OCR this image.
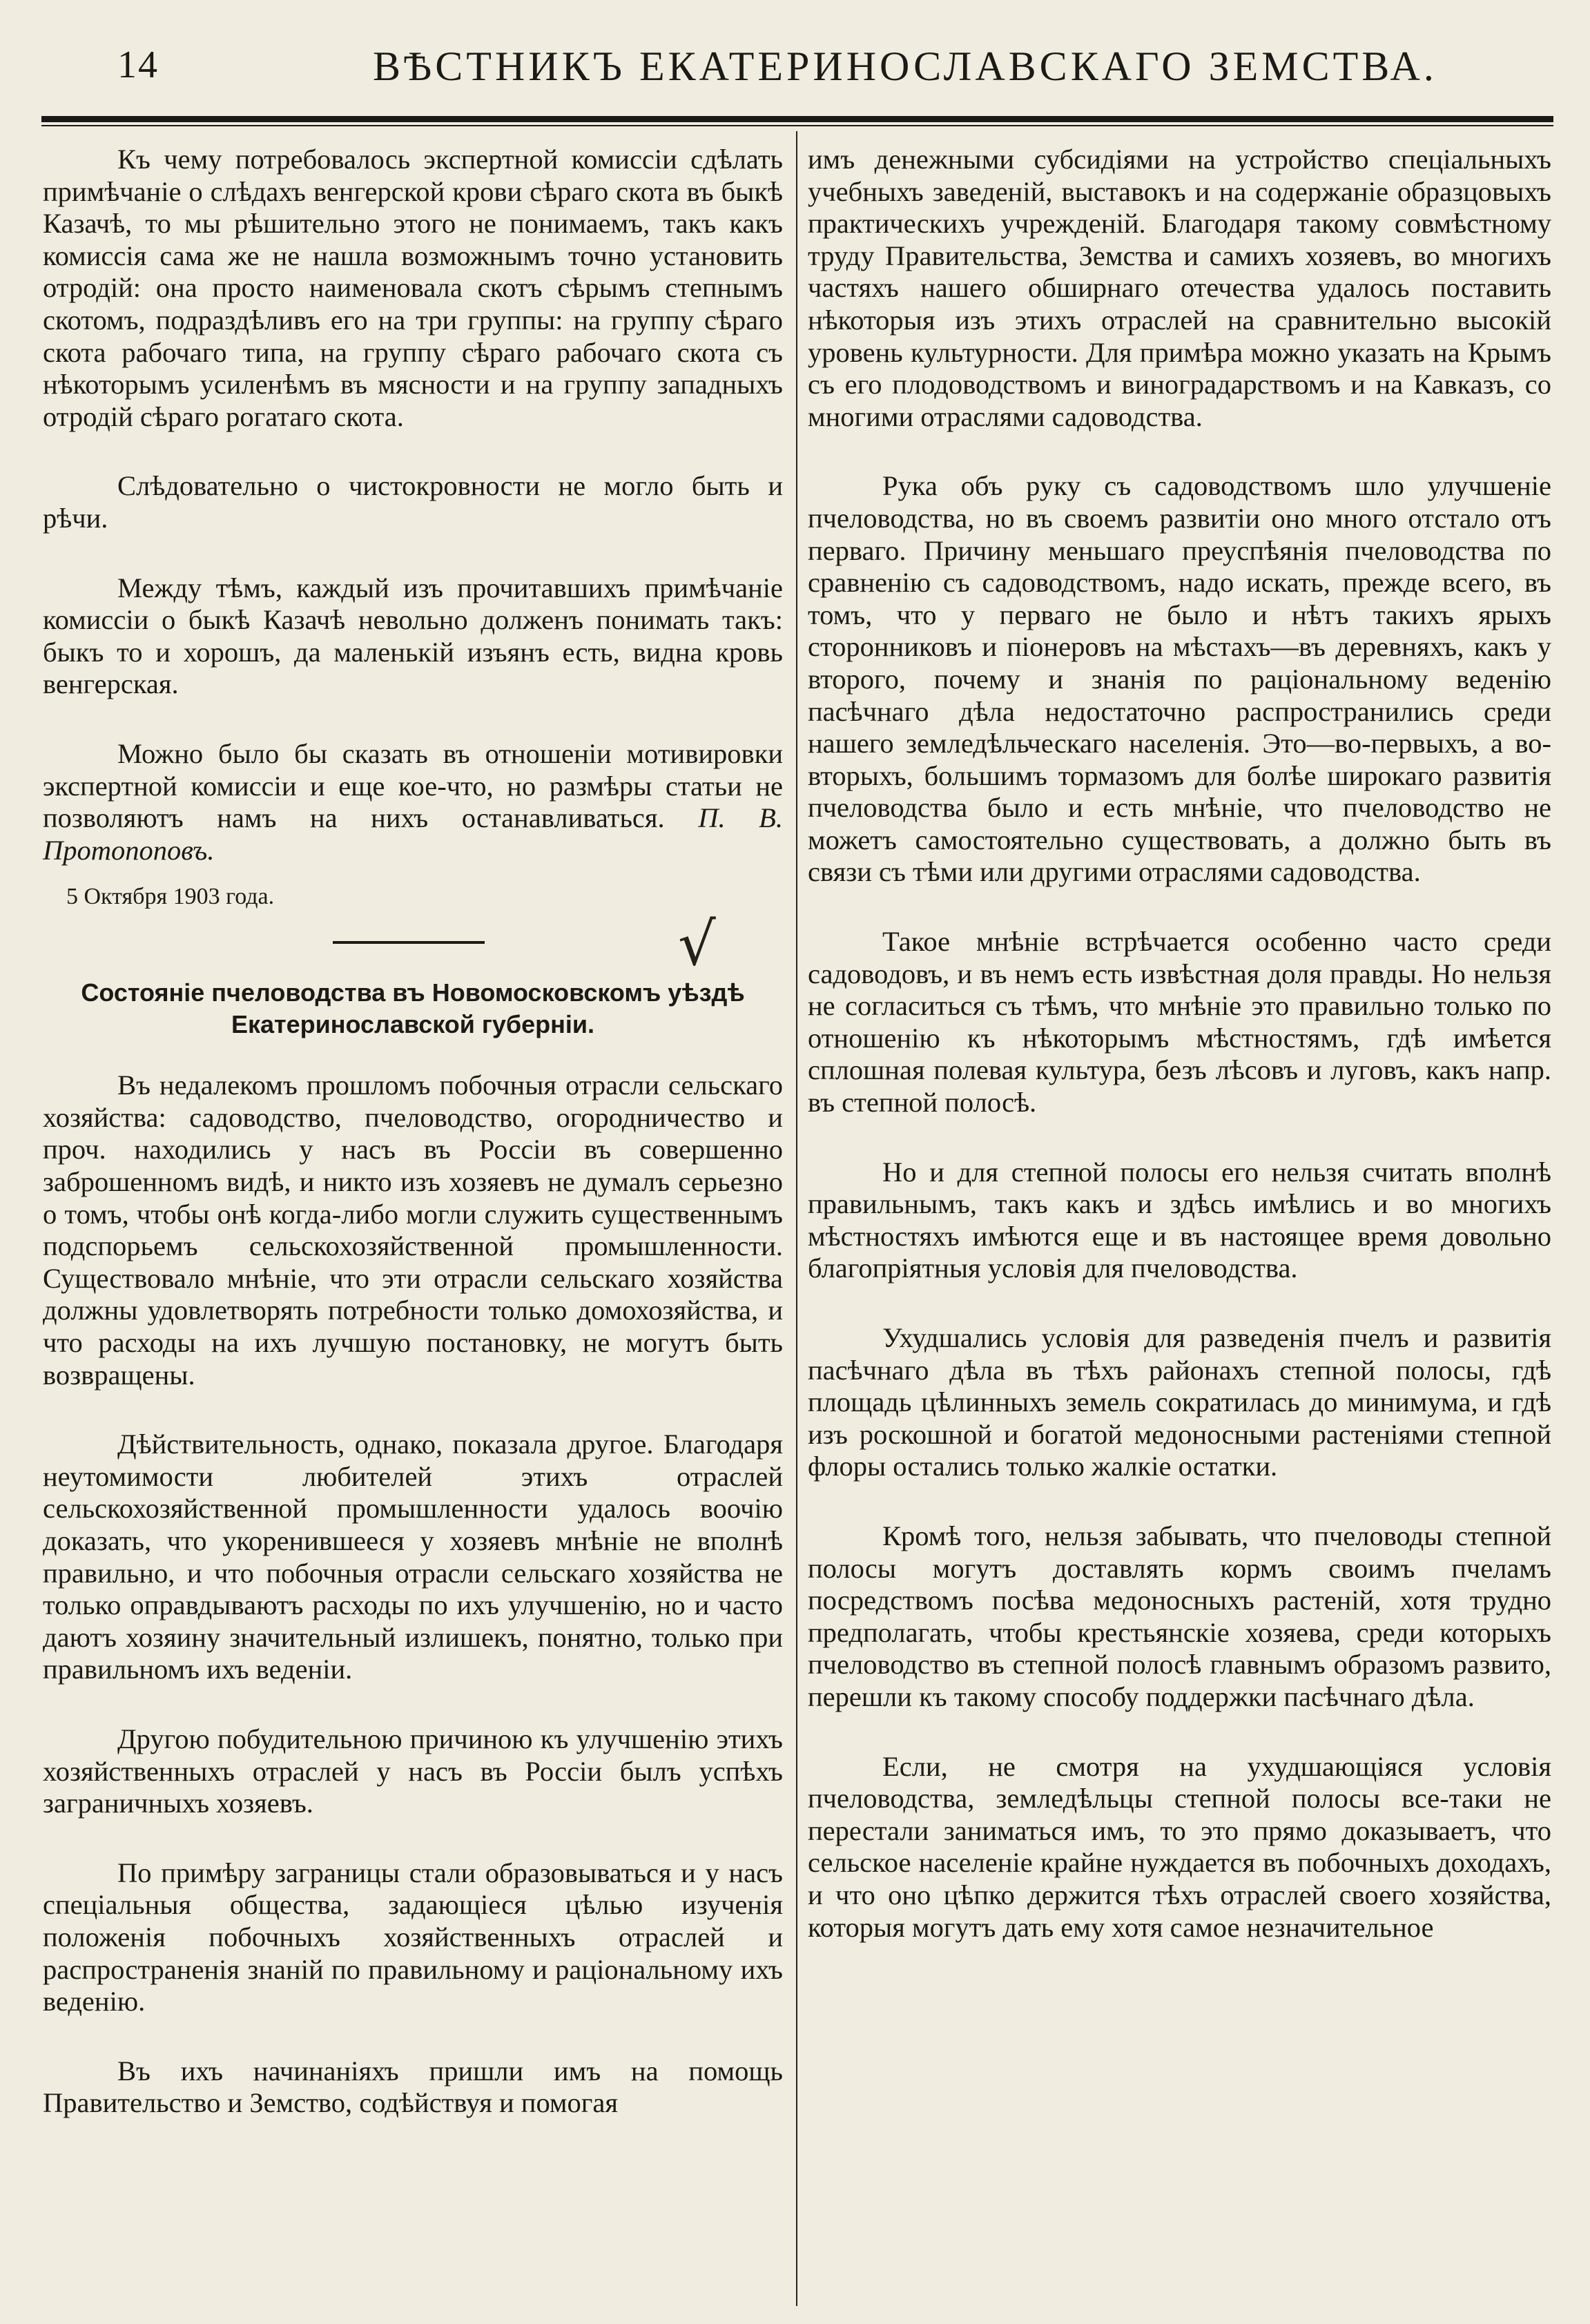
14	ВѢСТНИКЪ ЕКАТЕРИНОСЛАВСКАГО ЗЕМСТВА.

Къ чему потребовалось экспертной комиссіи сдѣлать примѣчаніе о слѣдахъ венгерской крови сѣраго скота въ быкѣ Казачѣ, то мы рѣшительно этого не понимаемъ, такъ какъ комиссія сама же не нашла возможнымъ точно установить отродій: она просто наименовала скотъ сѣрымъ степнымъ скотомъ, подраздѣливъ его на три группы: на группу сѣраго скота рабочаго типа, на группу сѣраго рабочаго скота съ нѣкоторымъ усиленѣмъ въ мясности и на группу западныхъ отродій сѣраго рогатаго скота.

Слѣдовательно о чистокровности не могло быть и рѣчи.

Между тѣмъ, каждый изъ прочитавшихъ примѣчаніе комиссіи о быкѣ Казачѣ невольно долженъ понимать такъ: быкъ то и хорошъ, да маленькій изъянъ есть, видна кровь венгерская.

Можно было бы сказать въ отношеніи мотивировки экспертной комиссіи и еще кое-что, но размѣры статьи не позволяютъ намъ на нихъ останавливаться. П. В. Протопоповъ.

5 Октября 1903 года.
√
Состояніе пчеловодства въ Новомосковскомъ уѣздѣ Екатеринославской губерніи.

Въ недалекомъ прошломъ побочныя отрасли сельскаго хозяйства: садоводство, пчеловодство, огородничество и проч. находились у насъ въ Россіи въ совершенно заброшенномъ видѣ, и никто изъ хозяевъ не думалъ серьезно о томъ, чтобы онѣ когда-либо могли служить существеннымъ подспорьемъ сельскохозяйственной промышленности. Существовало мнѣніе, что эти отрасли сельскаго хозяйства должны удовлетворять потребности только домохозяйства, и что расходы на ихъ лучшую постановку, не могутъ быть возвращены.

Дѣйствительность, однако, показала другое. Благодаря неутомимости любителей этихъ отраслей сельскохозяйственной промышленности удалось воочію доказать, что укоренившееся у хозяевъ мнѣніе не вполнѣ правильно, и что побочныя отрасли сельскаго хозяйства не только оправдываютъ расходы по ихъ улучшенію, но и часто даютъ хозяину значительный излишекъ, понятно, только при правильномъ ихъ веденіи.

Другою побудительною причиною къ улучшенію этихъ хозяйственныхъ отраслей у насъ въ Россіи былъ успѣхъ заграничныхъ хозяевъ.

По примѣру заграницы стали образовываться и у насъ спеціальныя общества, задающіеся цѣлью изученія положенія побочныхъ хозяйственныхъ отраслей и распространенія знаній по правильному и раціональному ихъ веденію.

Въ ихъ начинаніяхъ пришли имъ на помощь Правительство и Земство, содѣйствуя и помогая

имъ денежными субсидіями на устройство спеціальныхъ учебныхъ заведеній, выставокъ и на содержаніе образцовыхъ практическихъ учрежденій. Благодаря такому совмѣстному труду Правительства, Земства и самихъ хозяевъ, во многихъ частяхъ нашего обширнаго отечества удалось поставить нѣкоторыя изъ этихъ отраслей на сравнительно высокій уровень культурности. Для примѣра можно указать на Крымъ съ его плодоводствомъ и виноградарствомъ и на Кавказъ, со многими отраслями садоводства.

Рука объ руку съ садоводствомъ шло улучшеніе пчеловодства, но въ своемъ развитіи оно много отстало отъ перваго. Причину меньшаго преуспѣянія пчеловодства по сравненію съ садоводствомъ, надо искать, прежде всего, въ томъ, что у перваго не было и нѣтъ такихъ ярыхъ сторонниковъ и піонеровъ на мѣстахъ—въ деревняхъ, какъ у второго, почему и знанія по раціональному веденію пасѣчнаго дѣла недостаточно распространились среди нашего земледѣльческаго населенія. Это—во-первыхъ, а во-вторыхъ, большимъ тормазомъ для болѣе широкаго развитія пчеловодства было и есть мнѣніе, что пчеловодство не можетъ самостоятельно существовать, а должно быть въ связи съ тѣми или другими отраслями садоводства.

Такое мнѣніе встрѣчается особенно часто среди садоводовъ, и въ немъ есть извѣстная доля правды. Но нельзя не согласиться съ тѣмъ, что мнѣніе это правильно только по отношенію къ нѣкоторымъ мѣстностямъ, гдѣ имѣется сплошная полевая культура, безъ лѣсовъ и луговъ, какъ напр. въ степной полосѣ.

Но и для степной полосы его нельзя считать вполнѣ правильнымъ, такъ какъ и здѣсь имѣлись и во многихъ мѣстностяхъ имѣются еще и въ настоящее время довольно благопріятныя условія для пчеловодства.

Ухудшались условія для разведенія пчелъ и развитія пасѣчнаго дѣла въ тѣхъ районахъ степной полосы, гдѣ площадь цѣлинныхъ земель сократилась до минимума, и гдѣ изъ роскошной и богатой медоносными растеніями степной флоры остались только жалкіе остатки.

Кромѣ того, нельзя забывать, что пчеловоды степной полосы могутъ доставлять кормъ своимъ пчеламъ посредствомъ посѣва медоносныхъ растеній, хотя трудно предполагать, чтобы крестьянскіе хозяева, среди которыхъ пчеловодство въ степной полосѣ главнымъ образомъ развито, перешли къ такому способу поддержки пасѣчнаго дѣла.

Если, не смотря на ухудшающіяся условія пчеловодства, земледѣльцы степной полосы все-таки не перестали заниматься имъ, то это прямо доказываетъ, что сельское населеніе крайне нуждается въ побочныхъ доходахъ, и что оно цѣпко держится тѣхъ отраслей своего хозяйства, которыя могутъ дать ему хотя самое незначительное
